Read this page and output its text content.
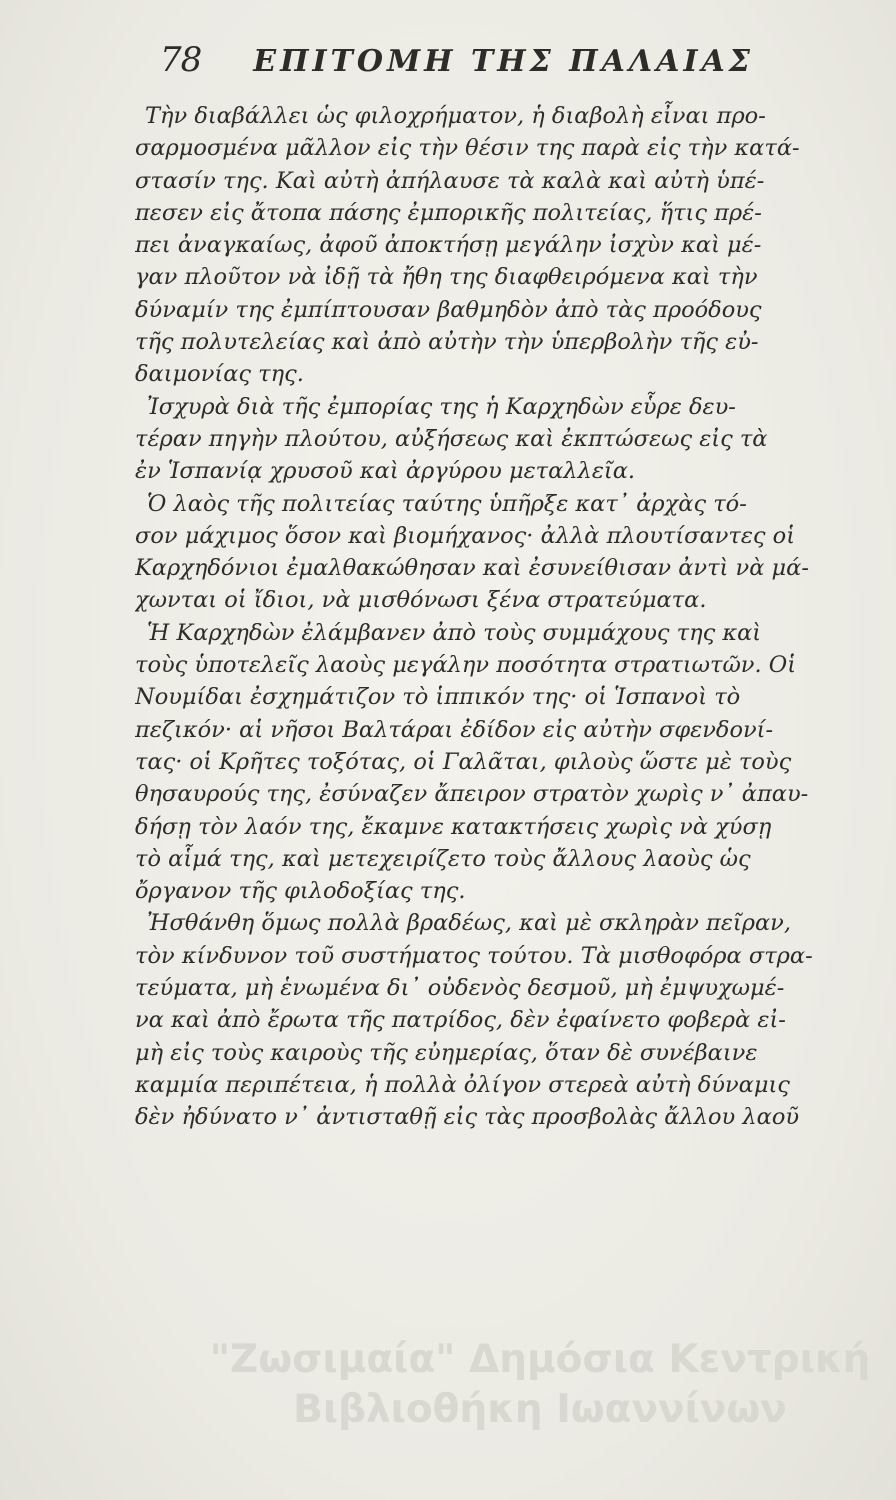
78 ΕΠΙΤΟΜΗ ΤΗΣ ΠΑΛΑΙΑΣ
Τὴν διαβάλλει ὡς φιλοχρήματον, ἡ διαβολὴ εἶναι προ-
σαρμοσμένα μᾶλλον εἰς τὴν θέσιν της παρὰ εἰς τὴν κατά-
στασίν της. Καὶ αὐτὴ ἀπήλαυσε τὰ καλὰ καὶ αὐτὴ ὑπέ-
πεσεν εἰς ἄτοπα πάσης ἐμπορικῆς πολιτείας, ἥτις πρέ-
πει ἀναγκαίως, ἀφοῦ ἀποκτήσῃ μεγάλην ἰσχὺν καὶ μέ-
γαν πλοῦτον νὰ ἰδῇ τὰ ἤθη της διαφθειρόμενα καὶ τὴν
δύναμίν της ἐμπίπτουσαν βαθμηδὸν ἀπὸ τὰς προόδους
τῆς πολυτελείας καὶ ἀπὸ αὐτὴν τὴν ὑπερβολὴν τῆς εὐ-
δαιμονίας της.
Ἰσχυρὰ διὰ τῆς ἐμπορίας της ἡ Καρχηδὼν εὗρε δευ-
τέραν πηγὴν πλούτου, αὐξήσεως καὶ ἐκπτώσεως εἰς τὰ
ἐν Ἱσπανίᾳ χρυσοῦ καὶ ἀργύρου μεταλλεῖα.
Ὁ λαὸς τῆς πολιτείας ταύτης ὑπῆρξε κατ᾽ ἀρχὰς τό-
σον μάχιμος ὅσον καὶ βιομήχανος· ἀλλὰ πλουτίσαντες οἱ
Καρχηδόνιοι ἐμαλθακώθησαν καὶ ἐσυνείθισαν ἀντὶ νὰ μά-
χωνται οἱ ἴδιοι, νὰ μισθόνωσι ξένα στρατεύματα.
Ἡ Καρχηδὼν ἐλάμβανεν ἀπὸ τοὺς συμμάχους της καὶ
τοὺς ὑποτελεῖς λαοὺς μεγάλην ποσότητα στρατιωτῶν. Οἱ
Νουμίδαι ἐσχημάτιζον τὸ ἱππικόν της· οἱ Ἱσπανοὶ τὸ
πεζικόν· αἱ νῆσοι Βαλτάραι ἐδίδον εἰς αὐτὴν σφενδονί-
τας· οἱ Κρῆτες τοξότας, οἱ Γαλᾶται, φιλοὺς ὥστε μὲ τοὺς
θησαυρούς της, ἐσύναζεν ἄπειρον στρατὸν χωρὶς ν᾽ ἀπαυ-
δήσῃ τὸν λαόν της, ἔκαμνε κατακτήσεις χωρὶς νὰ χύσῃ
τὸ αἷμά της, καὶ μετεχειρίζετο τοὺς ἄλλους λαοὺς ὡς
ὄργανον τῆς φιλοδοξίας της.
Ἠσθάνθη ὅμως πολλὰ βραδέως, καὶ μὲ σκληρὰν πεῖραν,
τὸν κίνδυνον τοῦ συστήματος τούτου. Τὰ μισθοφόρα στρα-
τεύματα, μὴ ἑνωμένα δι᾽ οὐδενὸς δεσμοῦ, μὴ ἐμψυχωμέ-
να καὶ ἀπὸ ἔρωτα τῆς πατρίδος, δὲν ἐφαίνετο φοβερὰ εἰ-
μὴ εἰς τοὺς καιροὺς τῆς εὐημερίας, ὅταν δὲ συνέβαινε
καμμία περιπέτεια, ἡ πολλὰ ὀλίγον στερεὰ αὐτὴ δύναμις
δὲν ἠδύνατο ν᾽ ἀντισταθῇ εἰς τὰς προσβολὰς ἄλλου λαοῦ
"Ζωσιμαία" Δημόσια Κεντρική
Βιβλιοθήκη Ιωαννίνων
